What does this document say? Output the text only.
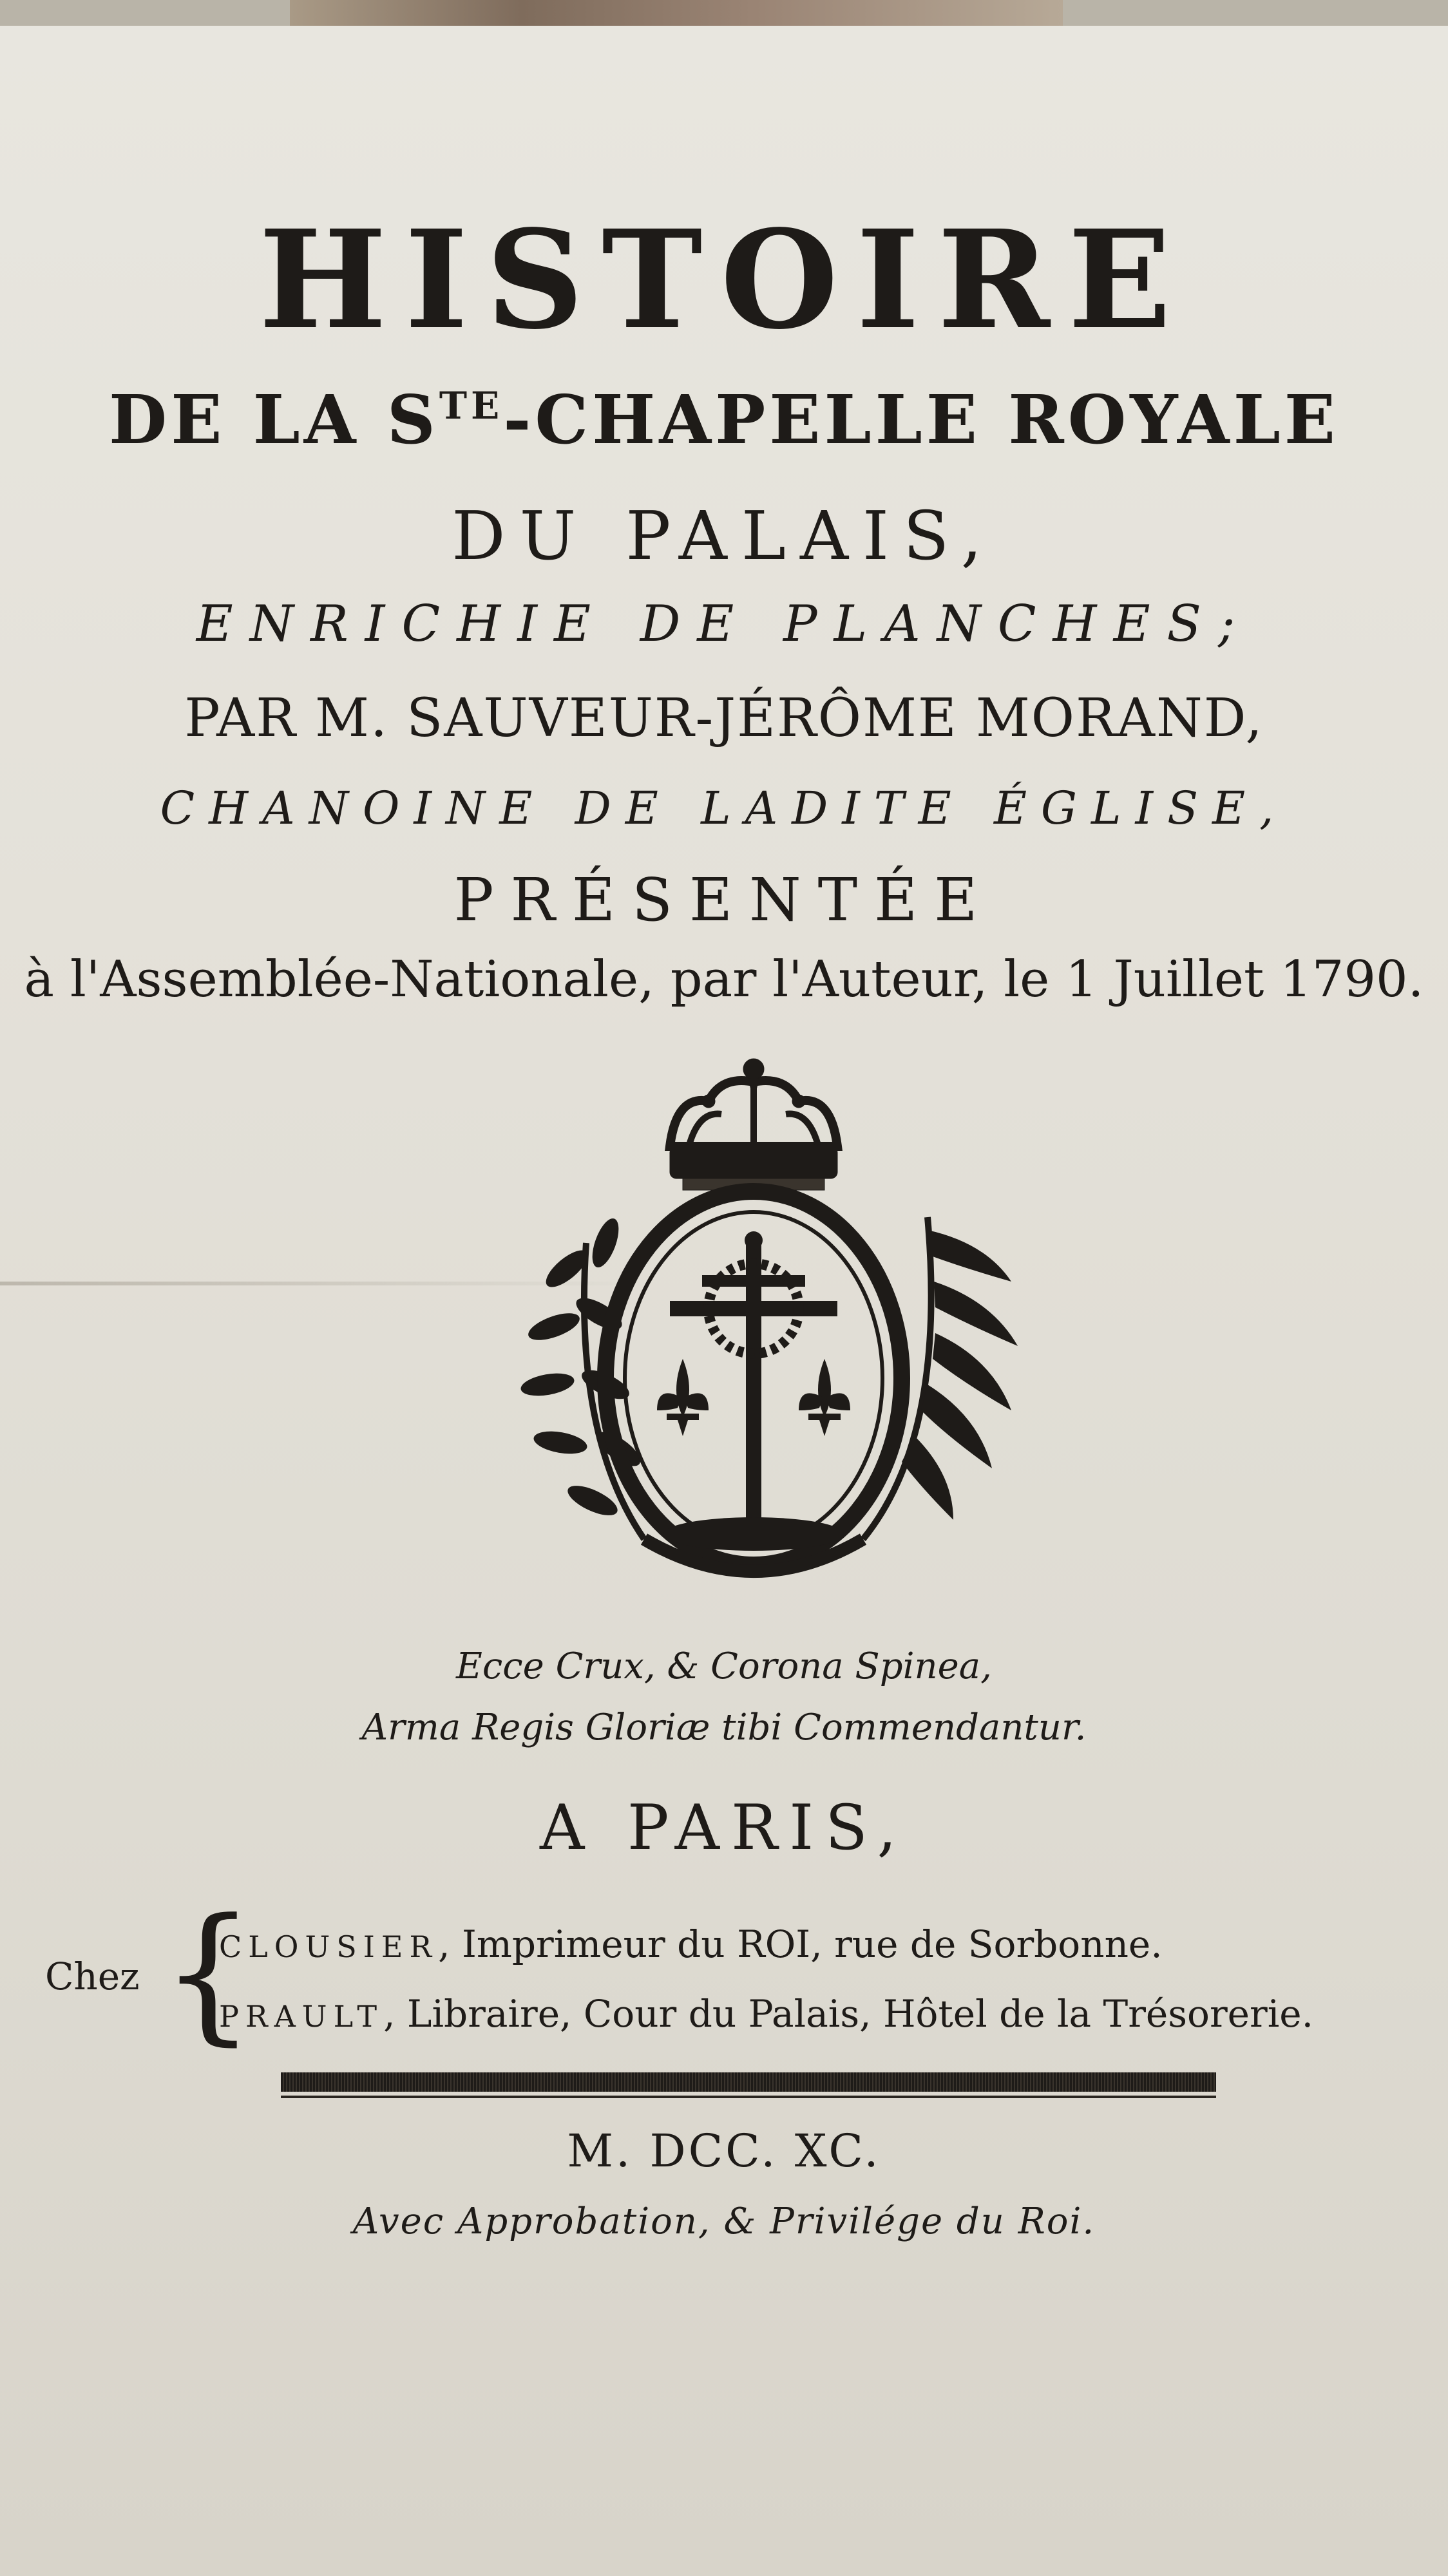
HISTOIRE
DE LA $S^{TE}$-CHAPELLE ROYALE
DU PALAIS,
ENRICHIE DE PLANCHES;
PAR M. SAUVEUR-JÉRÔME MORAND,
CHANOINE DE LADITE ÉGLISE,
PRÉSENTÉE
à l'Assemblée-Nationale, par l'Auteur, le 1 Juillet 1790.
Ecce Crux, & Corona Spinea,
Arma Regis Gloriæ tibi Commendantur.
A PARIS,
Chez {
CLOUSIER, Imprimeur du ROI, rue de Sorbonne.
PRAULT, Libraire, Cour du Palais, Hôtel de la Trésorerie.
M. DCC. XC.
Avec Approbation, & Privilége du Roi.
